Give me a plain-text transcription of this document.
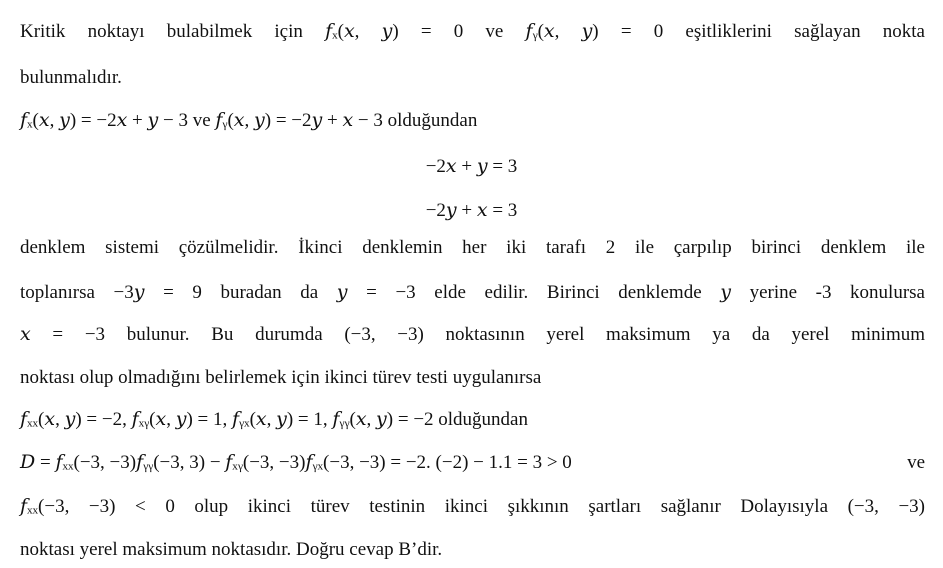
Kritik noktayı bulabilmek için 𝑓ₓ(𝑥, 𝑦) = 0 ve 𝑓ᵧ(𝑥, 𝑦) = 0 eşitliklerini sağlayan nokta
bulunmalıdır.
𝑓ₓ(𝑥, 𝑦) = −2𝑥 + 𝑦 − 3 ve 𝑓ᵧ(𝑥, 𝑦) = −2𝑦 + 𝑥 − 3 olduğundan
−2𝑥 + 𝑦 = 3
−2𝑦 + 𝑥 = 3
denklem sistemi çözülmelidir. İkinci denklemin her iki tarafı 2 ile çarpılıp birinci denklem ile
toplanırsa −3𝑦 = 9 buradan da 𝑦 = −3 elde edilir. Birinci denklemde 𝑦 yerine -3 konulursa
𝑥 = −3 bulunur. Bu durumda (−3, −3) noktasının yerel maksimum ya da yerel minimum
noktası olup olmadığını belirlemek için ikinci türev testi uygulanırsa
𝑓ₓₓ(𝑥, 𝑦) = −2, 𝑓ₓᵧ(𝑥, 𝑦) = 1, 𝑓ᵧₓ(𝑥, 𝑦) = 1, 𝑓ᵧᵧ(𝑥, 𝑦) = −2 olduğundan
𝐷 = 𝑓ₓₓ(−3, −3)𝑓ᵧᵧ(−3, 3) − 𝑓ₓᵧ(−3, −3)𝑓ᵧₓ(−3, −3) = −2. (−2) − 1.1 = 3 > 0	ve
𝑓ₓₓ(−3, −3) < 0 olup ikinci türev testinin ikinci şıkkının şartları sağlanır Dolayısıyla (−3, −3)
noktası yerel maksimum noktasıdır. Doğru cevap B’dir.
